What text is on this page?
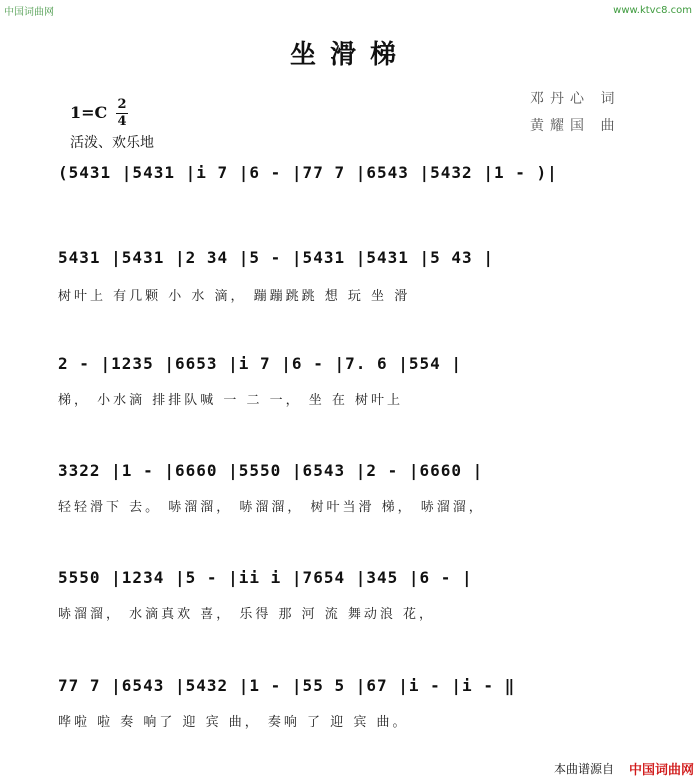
中国词曲网	www.ktvc8.com
坐滑梯
1=C 2
4
活泼、欢乐地
邓丹心 词
黄耀国 曲
(5431 |5431 |i 7 |6 - |77 7 |6543 |5432 |1 - )|
5431 |5431 |2 34 |5 - |5431 |5431 |5 43 |
树叶上 有几颗 小 水 滴， 蹦蹦跳跳 想 玩 坐 滑
2 - |1235 |6653 |i 7 |6 - |7. 6 |554 |
梯， 小水滴 排排队喊 一 二 一， 坐 在 树叶上
3322 |1 - |6660 |5550 |6543 |2 - |6660 |
轻轻滑下 去。 哧溜溜， 哧溜溜， 树叶当滑 梯， 哧溜溜，
5550 |1234 |5 - |ii i |7654 |345 |6 - |
哧溜溜， 水滴真欢 喜， 乐得 那 河 流 舞动浪 花，
77 7 |6543 |5432 |1 - |55 5 |67 |i - |i - ‖
哗啦 啦 奏 响了 迎 宾 曲， 奏响 了 迎 宾 曲。
本曲谱源自 中国词曲网
